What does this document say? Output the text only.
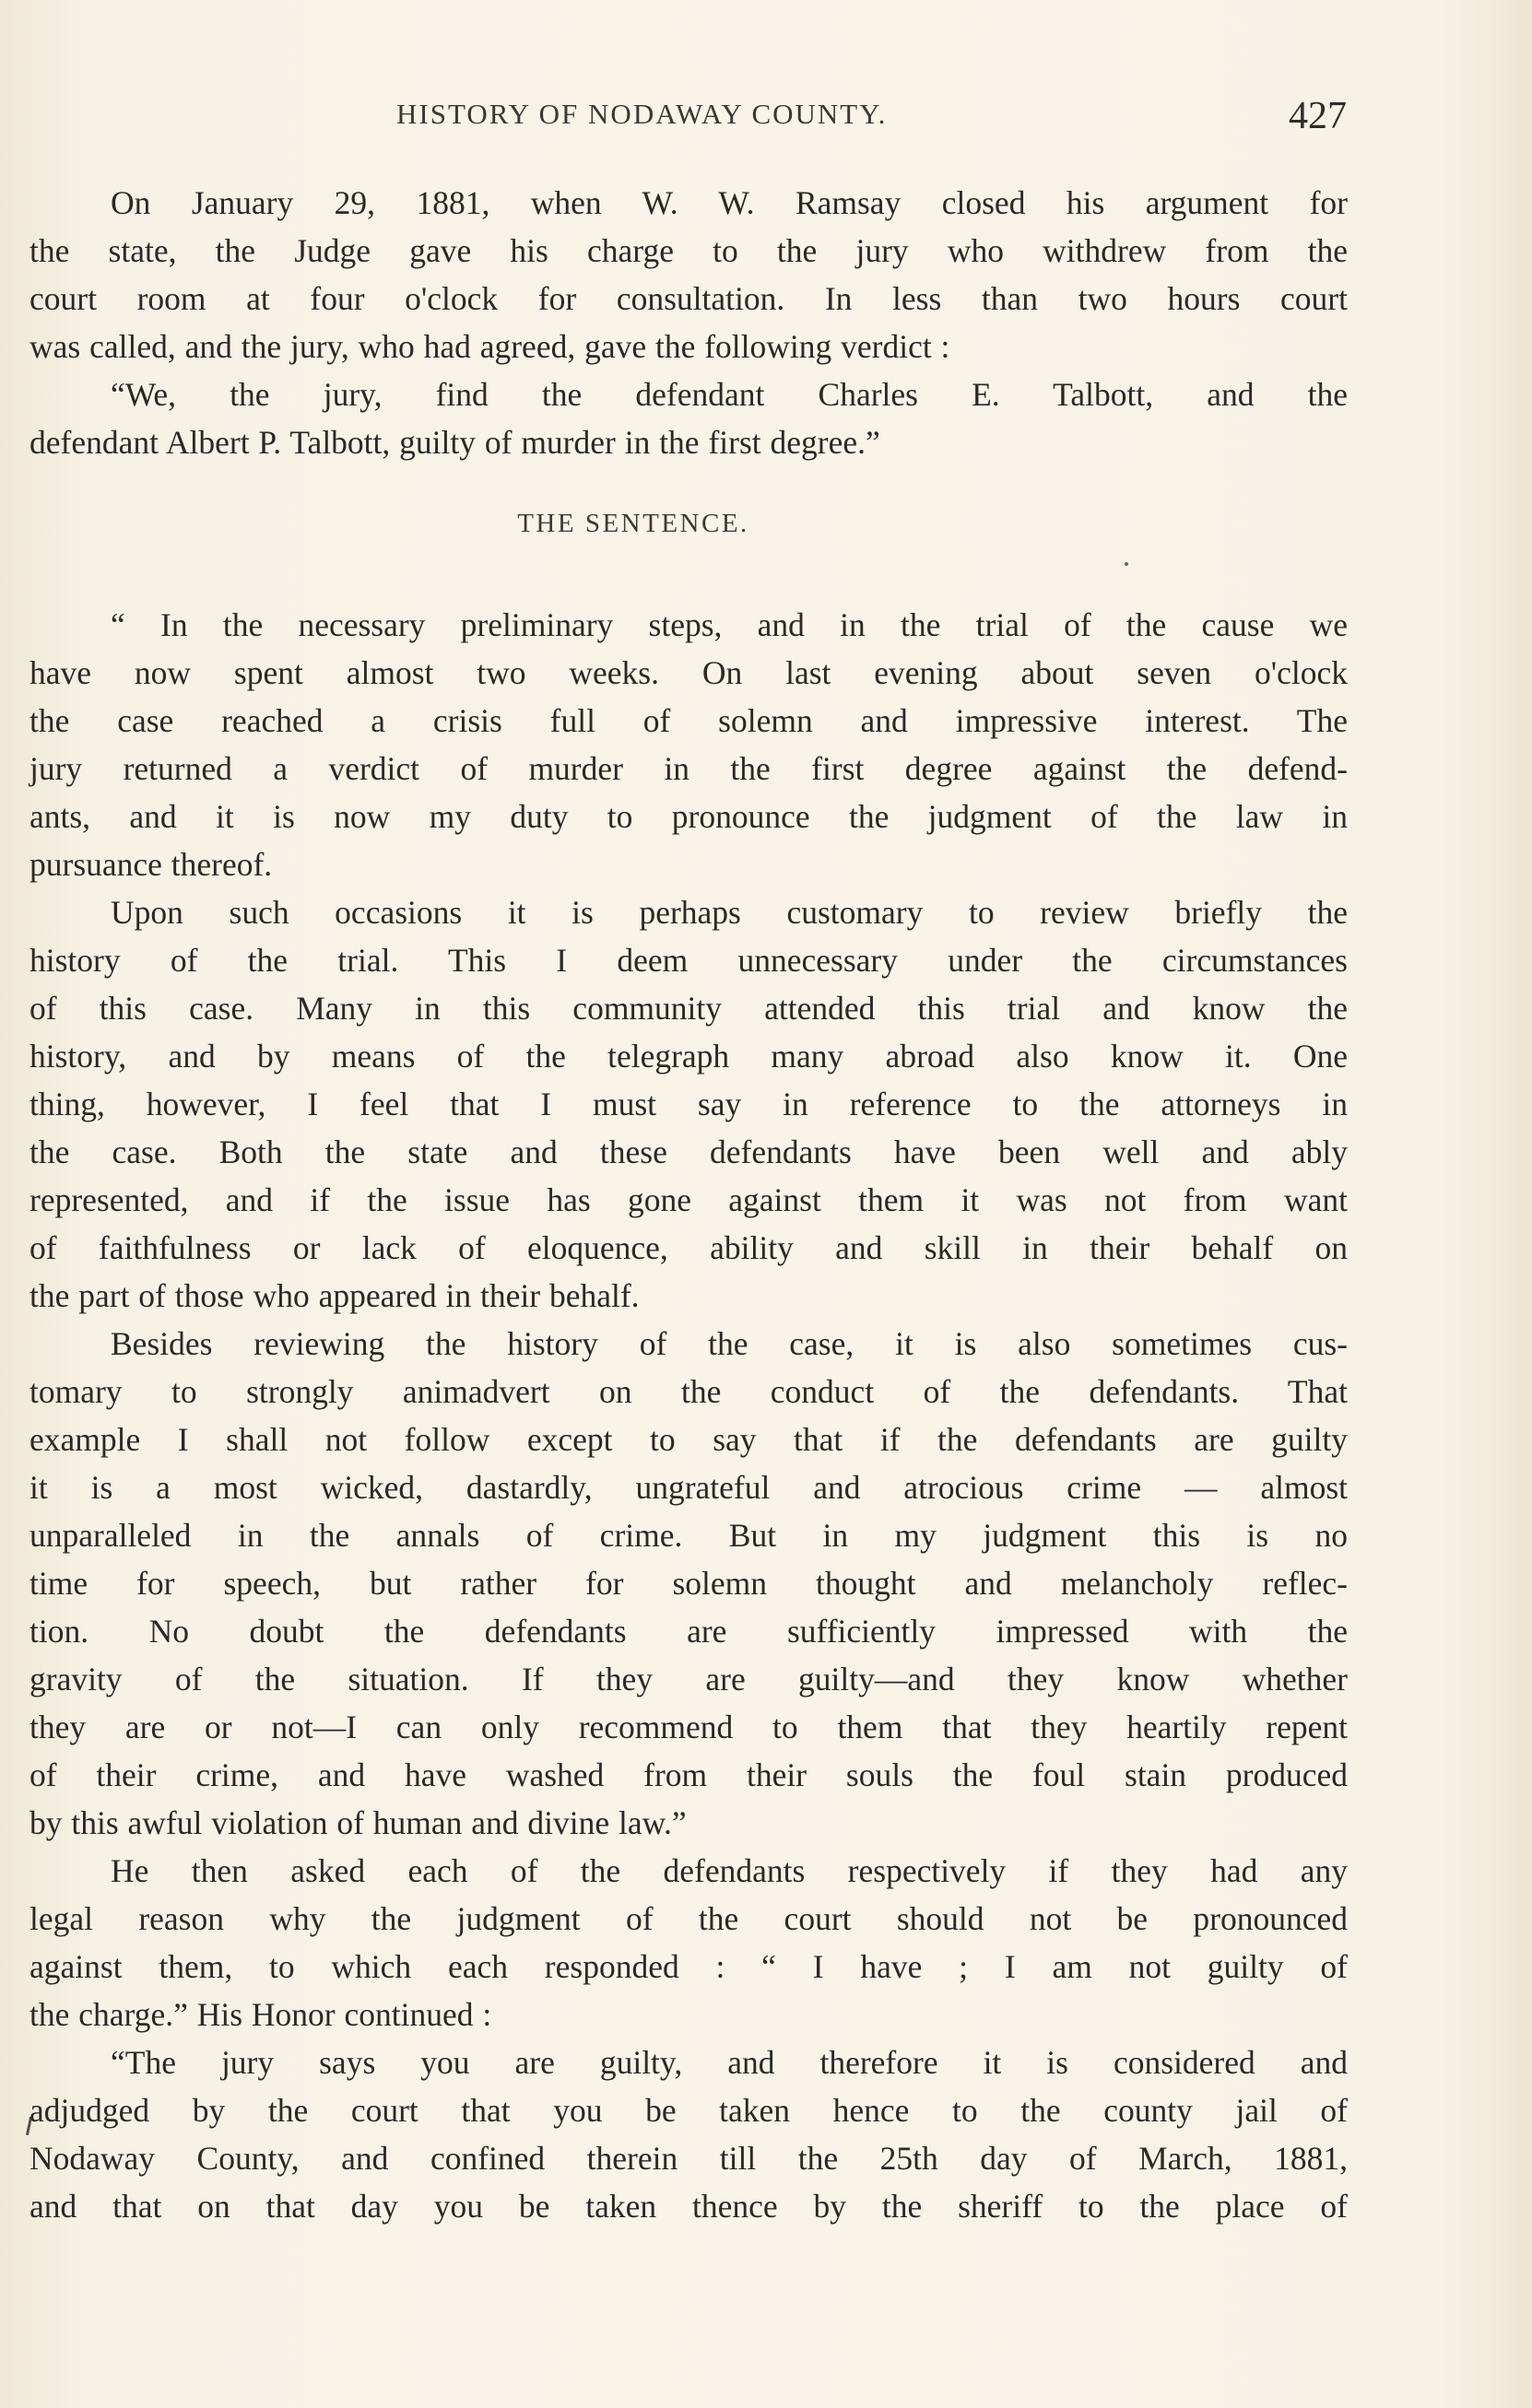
HISTORY OF NODAWAY COUNTY.	427
On January 29, 1881, when W. W. Ramsay closed his argument for
the state, the Judge gave his charge to the jury who withdrew from the
court room at four o'clock for consultation. In less than two hours court
was called, and the jury, who had agreed, gave the following verdict :
“We, the jury, find the defendant Charles E. Talbott, and the
defendant Albert P. Talbott, guilty of murder in the first degree.”
THE SENTENCE.
“ In the necessary preliminary steps, and in the trial of the cause we
have now spent almost two weeks. On last evening about seven o'clock
the case reached a crisis full of solemn and impressive interest. The
jury returned a verdict of murder in the first degree against the defend-
ants, and it is now my duty to pronounce the judgment of the law in
pursuance thereof.
Upon such occasions it is perhaps customary to review briefly the
history of the trial. This I deem unnecessary under the circumstances
of this case. Many in this community attended this trial and know the
history, and by means of the telegraph many abroad also know it. One
thing, however, I feel that I must say in reference to the attorneys in
the case. Both the state and these defendants have been well and ably
represented, and if the issue has gone against them it was not from want
of faithfulness or lack of eloquence, ability and skill in their behalf on
the part of those who appeared in their behalf.
Besides reviewing the history of the case, it is also sometimes cus-
tomary to strongly animadvert on the conduct of the defendants. That
example I shall not follow except to say that if the defendants are guilty
it is a most wicked, dastardly, ungrateful and atrocious crime — almost
unparalleled in the annals of crime. But in my judgment this is no
time for speech, but rather for solemn thought and melancholy reflec-
tion. No doubt the defendants are sufficiently impressed with the
gravity of the situation. If they are guilty—and they know whether
they are or not—I can only recommend to them that they heartily repent
of their crime, and have washed from their souls the foul stain produced
by this awful violation of human and divine law.”
He then asked each of the defendants respectively if they had any
legal reason why the judgment of the court should not be pronounced
against them, to which each responded : “ I have ; I am not guilty of
the charge.” His Honor continued :
“The jury says you are guilty, and therefore it is considered and
adjudged by the court that you be taken hence to the county jail of
Nodaway County, and confined therein till the 25th day of March, 1881,
and that on that day you be taken thence by the sheriff to the place of
